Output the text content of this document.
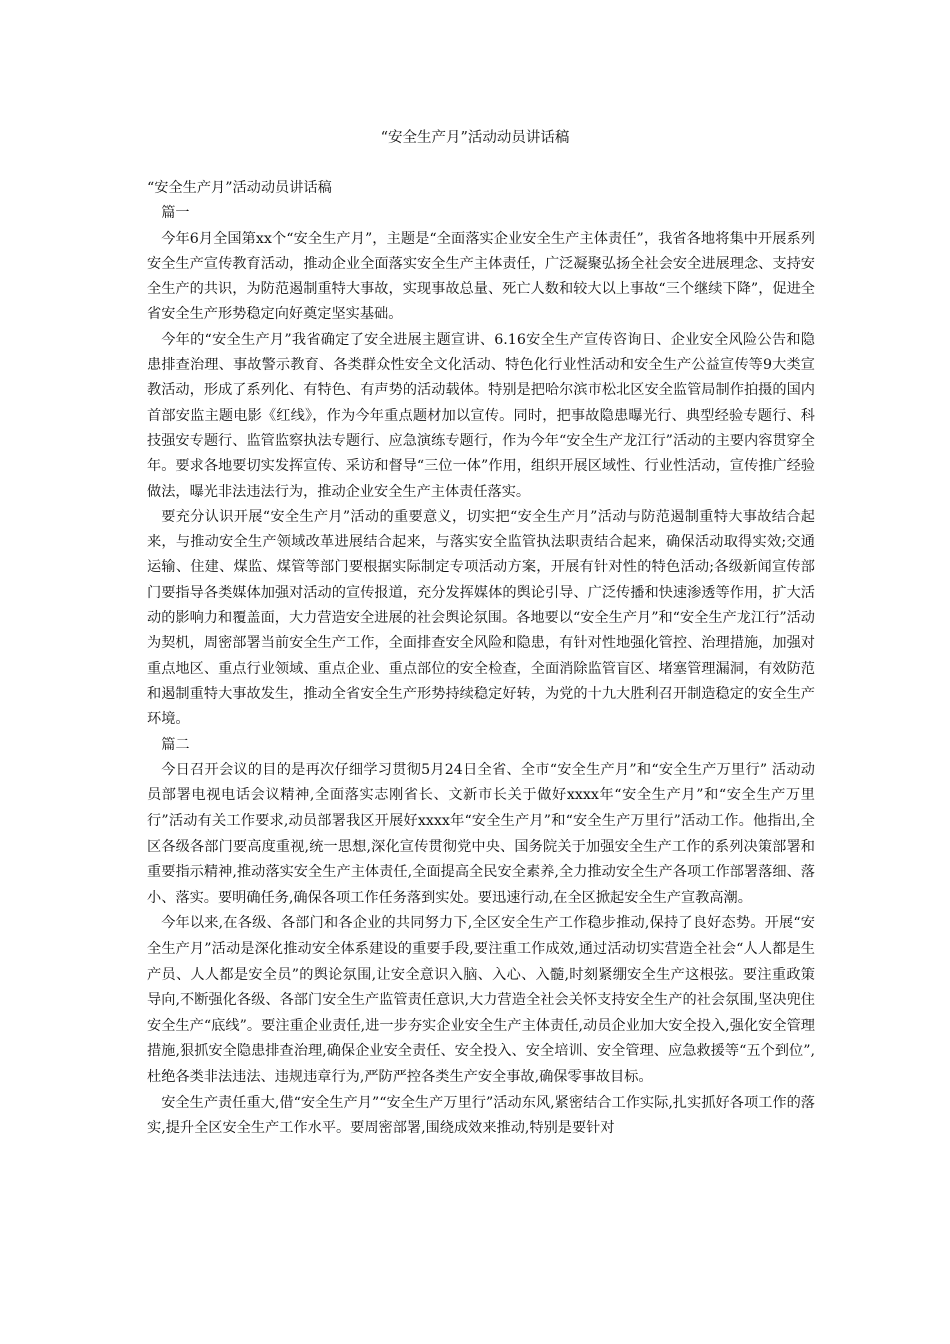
“安全生产月”活动动员讲话稿

“安全生产月”活动动员讲话稿

篇一

今年6月全国第xx个“安全生产月”，主题是“全面落实企业安全生产主体责任”，我省各地将集中开展系列安全生产宣传教育活动，推动企业全面落实安全生产主体责任，广泛凝聚弘扬全社会安全进展理念、支持安全生产的共识，为防范遏制重特大事故，实现事故总量、死亡人数和较大以上事故“三个继续下降”，促进全省安全生产形势稳定向好奠定坚实基础。

今年的“安全生产月”我省确定了安全进展主题宣讲、6.16安全生产宣传咨询日、企业安全风险公告和隐患排查治理、事故警示教育、各类群众性安全文化活动、特色化行业性活动和安全生产公益宣传等9大类宣教活动，形成了系列化、有特色、有声势的活动载体。特别是把哈尔滨市松北区安全监管局制作拍摄的国内首部安监主题电影《红线》，作为今年重点题材加以宣传。同时，把事故隐患曝光行、典型经验专题行、科技强安专题行、监管监察执法专题行、应急演练专题行，作为今年“安全生产龙江行”活动的主要内容贯穿全年。要求各地要切实发挥宣传、采访和督导“三位一体”作用，组织开展区域性、行业性活动，宣传推广经验做法，曝光非法违法行为，推动企业安全生产主体责任落实。

要充分认识开展“安全生产月”活动的重要意义，切实把“安全生产月”活动与防范遏制重特大事故结合起来，与推动安全生产领域改革进展结合起来，与落实安全监管执法职责结合起来，确保活动取得实效;交通运输、住建、煤监、煤管等部门要根据实际制定专项活动方案，开展有针对性的特色活动;各级新闻宣传部门要指导各类媒体加强对活动的宣传报道，充分发挥媒体的舆论引导、广泛传播和快速渗透等作用，扩大活动的影响力和覆盖面，大力营造安全进展的社会舆论氛围。各地要以“安全生产月”和“安全生产龙江行”活动为契机，周密部署当前安全生产工作，全面排查安全风险和隐患，有针对性地强化管控、治理措施，加强对重点地区、重点行业领域、重点企业、重点部位的安全检查，全面消除监管盲区、堵塞管理漏洞，有效防范和遏制重特大事故发生，推动全省安全生产形势持续稳定好转，为党的十九大胜利召开制造稳定的安全生产环境。

篇二

今日召开会议的目的是再次仔细学习贯彻5月24日全省、全市“安全生产月”和“安全生产万里行” 活动动员部署电视电话会议精神,全面落实志刚省长、文新市长关于做好xxxx年“安全生产月”和“安全生产万里行”活动有关工作要求,动员部署我区开展好xxxx年“安全生产月”和“安全生产万里行”活动工作。他指出,全区各级各部门要高度重视,统一思想,深化宣传贯彻党中央、国务院关于加强安全生产工作的系列决策部署和重要指示精神,推动落实安全生产主体责任,全面提高全民安全素养,全力推动安全生产各项工作部署落细、落小、落实。要明确任务,确保各项工作任务落到实处。要迅速行动,在全区掀起安全生产宣教高潮。

今年以来,在各级、各部门和各企业的共同努力下,全区安全生产工作稳步推动,保持了良好态势。开展“安全生产月”活动是深化推动安全体系建设的重要手段,要注重工作成效,通过活动切实营造全社会“人人都是生产员、人人都是安全员”的舆论氛围,让安全意识入脑、入心、入髓,时刻紧绷安全生产这根弦。要注重政策导向,不断强化各级、各部门安全生产监管责任意识,大力营造全社会关怀支持安全生产的社会氛围,坚决兜住安全生产“底线”。要注重企业责任,进一步夯实企业安全生产主体责任,动员企业加大安全投入,强化安全管理措施,狠抓安全隐患排查治理,确保企业安全责任、安全投入、安全培训、安全管理、应急救援等“五个到位”,杜绝各类非法违法、违规违章行为,严防严控各类生产安全事故,确保零事故目标。

安全生产责任重大,借“安全生产月”“安全生产万里行”活动东风,紧密结合工作实际,扎实抓好各项工作的落实,提升全区安全生产工作水平。要周密部署,围绕成效来推动,特别是要针对
